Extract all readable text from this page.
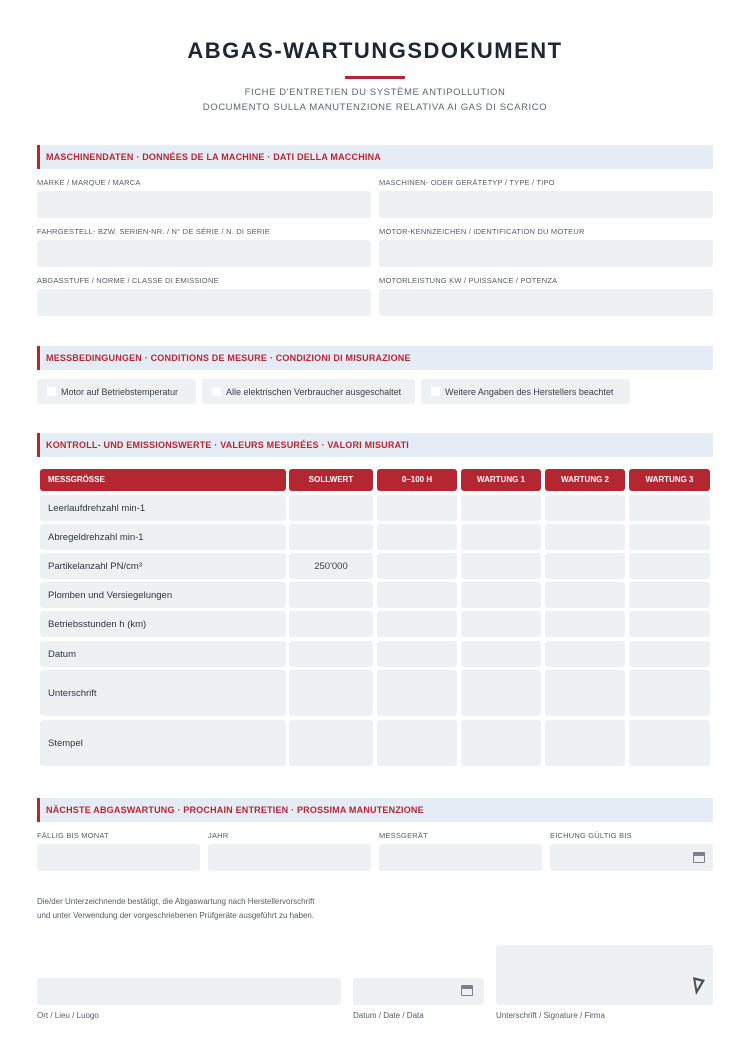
ABGAS-WARTUNGSDOKUMENT
FICHE D'ENTRETIEN DU SYSTÈME ANTIPOLLUTION
DOCUMENTO SULLA MANUTENZIONE RELATIVA AI GAS DI SCARICO
MASCHINENDATEN · DONNÉES DE LA MACHINE · DATI DELLA MACCHINA
MARKE / MARQUE / MARCA	MASCHINEN- ODER GERÄTETYP / TYPE / TIPO
FAHRGESTELL- BZW. SERIEN-NR. / N° DE SÉRIE / N. DI SERIE	MOTOR-KENNZEICHEN / IDENTIFICATION DU MOTEUR
ABGASSTUFE / NORME / CLASSE DI EMISSIONE	MOTORLEISTUNG KW / PUISSANCE / POTENZA
MESSBEDINGUNGEN · CONDITIONS DE MESURE · CONDIZIONI DI MISURAZIONE
Motor auf Betriebstemperatur	Alle elektrischen Verbraucher ausgeschaltet	Weitere Angaben des Herstellers beachtet
KONTROLL- UND EMISSIONSWERTE · VALEURS MESURÉES · VALORI MISURATI
MESSGRÖSSE	SOLLWERT	0–100 H	WARTUNG 1	WARTUNG 2	WARTUNG 3
Leerlaufdrehzahl min-1
Abregeldrehzahl min-1
Partikelanzahl PN/cm³	250'000
Plomben und Versiegelungen
Betriebsstunden h (km)
Datum
Unterschrift
Stempel
NÄCHSTE ABGASWARTUNG · PROCHAIN ENTRETIEN · PROSSIMA MANUTENZIONE
FÄLLIG BIS MONAT	JAHR	MESSGERÄT	EICHUNG GÜLTIG BIS
Die/der Unterzeichnende bestätigt, die Abgaswartung nach Herstellervorschrift
und unter Verwendung der vorgeschriebenen Prüfgeräte ausgeführt zu haben.
Ort / Lieu / Luogo	Datum / Date / Data	Unterschrift / Signature / Firma
